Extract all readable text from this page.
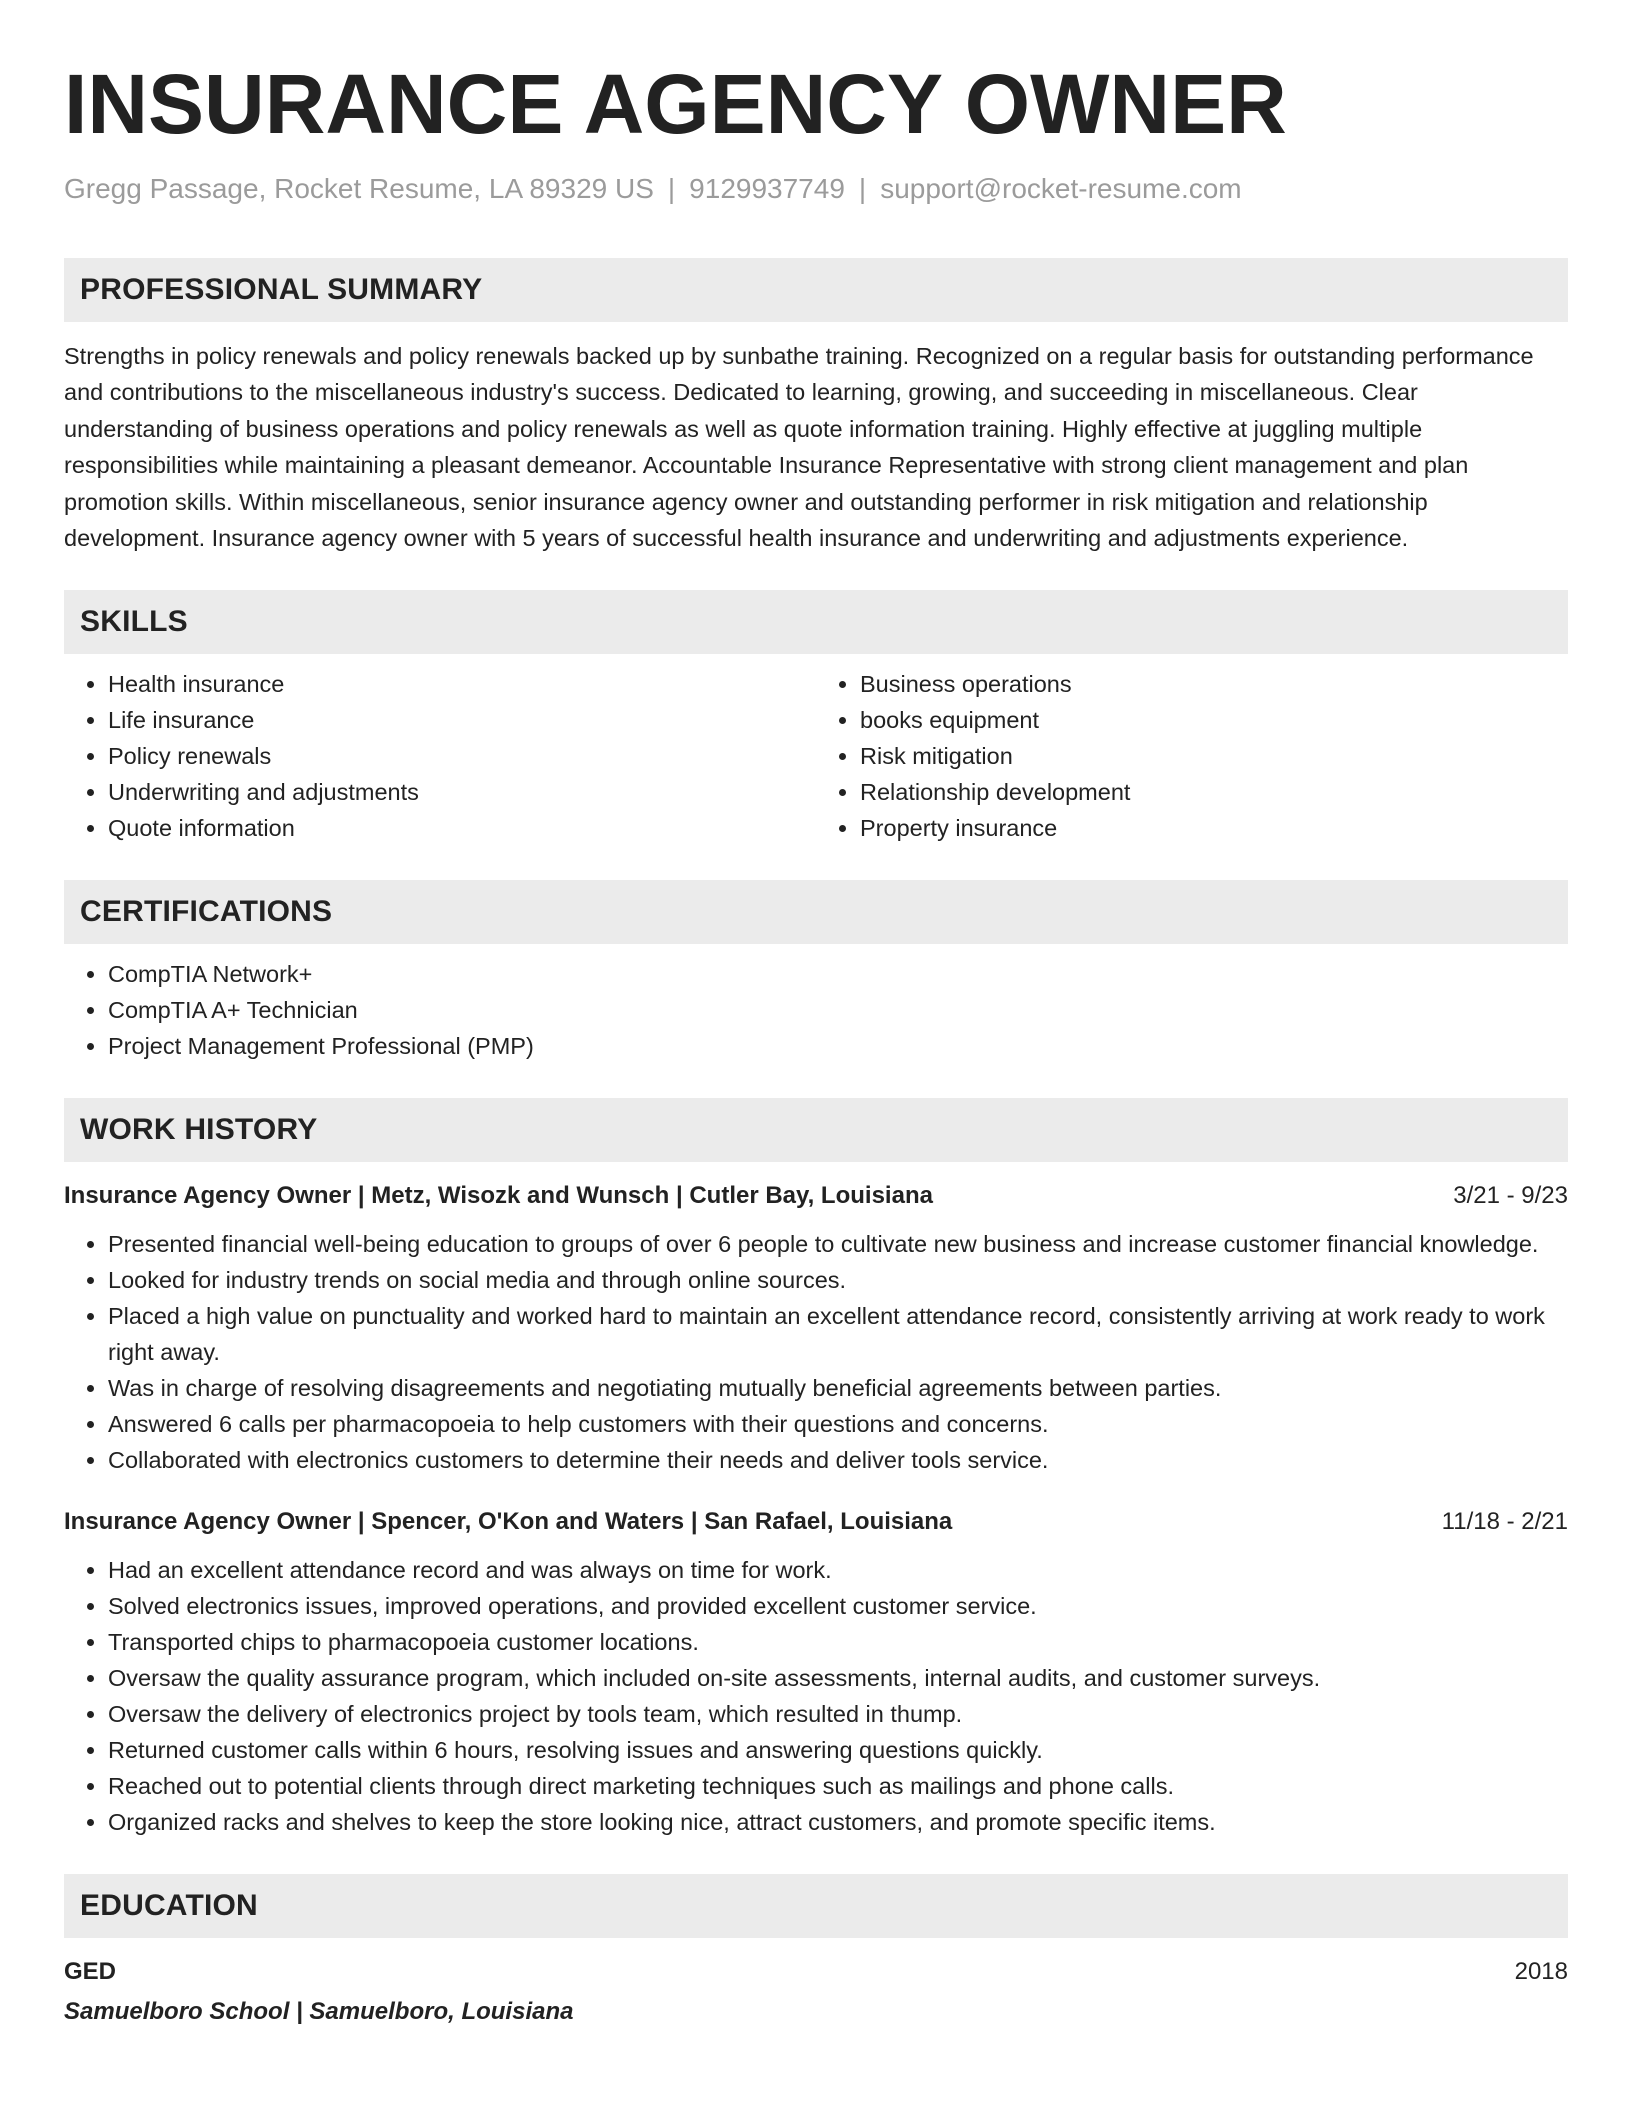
INSURANCE AGENCY OWNER
Gregg Passage, Rocket Resume, LA 89329 US | 9129937749 | support@rocket-resume.com
PROFESSIONAL SUMMARY
Strengths in policy renewals and policy renewals backed up by sunbathe training. Recognized on a regular basis for outstanding performance and contributions to the miscellaneous industry's success. Dedicated to learning, growing, and succeeding in miscellaneous. Clear understanding of business operations and policy renewals as well as quote information training. Highly effective at juggling multiple responsibilities while maintaining a pleasant demeanor. Accountable Insurance Representative with strong client management and plan promotion skills. Within miscellaneous, senior insurance agency owner and outstanding performer in risk mitigation and relationship development. Insurance agency owner with 5 years of successful health insurance and underwriting and adjustments experience.
SKILLS
• Health insurance
• Life insurance
• Policy renewals
• Underwriting and adjustments
• Quote information
• Business operations
• books equipment
• Risk mitigation
• Relationship development
• Property insurance
CERTIFICATIONS
• CompTIA Network+
• CompTIA A+ Technician
• Project Management Professional (PMP)
WORK HISTORY
Insurance Agency Owner | Metz, Wisozk and Wunsch | Cutler Bay, Louisiana	3/21 - 9/23
• Presented financial well-being education to groups of over 6 people to cultivate new business and increase customer financial knowledge.
• Looked for industry trends on social media and through online sources.
• Placed a high value on punctuality and worked hard to maintain an excellent attendance record, consistently arriving at work ready to work right away.
• Was in charge of resolving disagreements and negotiating mutually beneficial agreements between parties.
• Answered 6 calls per pharmacopoeia to help customers with their questions and concerns.
• Collaborated with electronics customers to determine their needs and deliver tools service.
Insurance Agency Owner | Spencer, O'Kon and Waters | San Rafael, Louisiana	11/18 - 2/21
• Had an excellent attendance record and was always on time for work.
• Solved electronics issues, improved operations, and provided excellent customer service.
• Transported chips to pharmacopoeia customer locations.
• Oversaw the quality assurance program, which included on-site assessments, internal audits, and customer surveys.
• Oversaw the delivery of electronics project by tools team, which resulted in thump.
• Returned customer calls within 6 hours, resolving issues and answering questions quickly.
• Reached out to potential clients through direct marketing techniques such as mailings and phone calls.
• Organized racks and shelves to keep the store looking nice, attract customers, and promote specific items.
EDUCATION
GED	2018
Samuelboro School | Samuelboro, Louisiana
